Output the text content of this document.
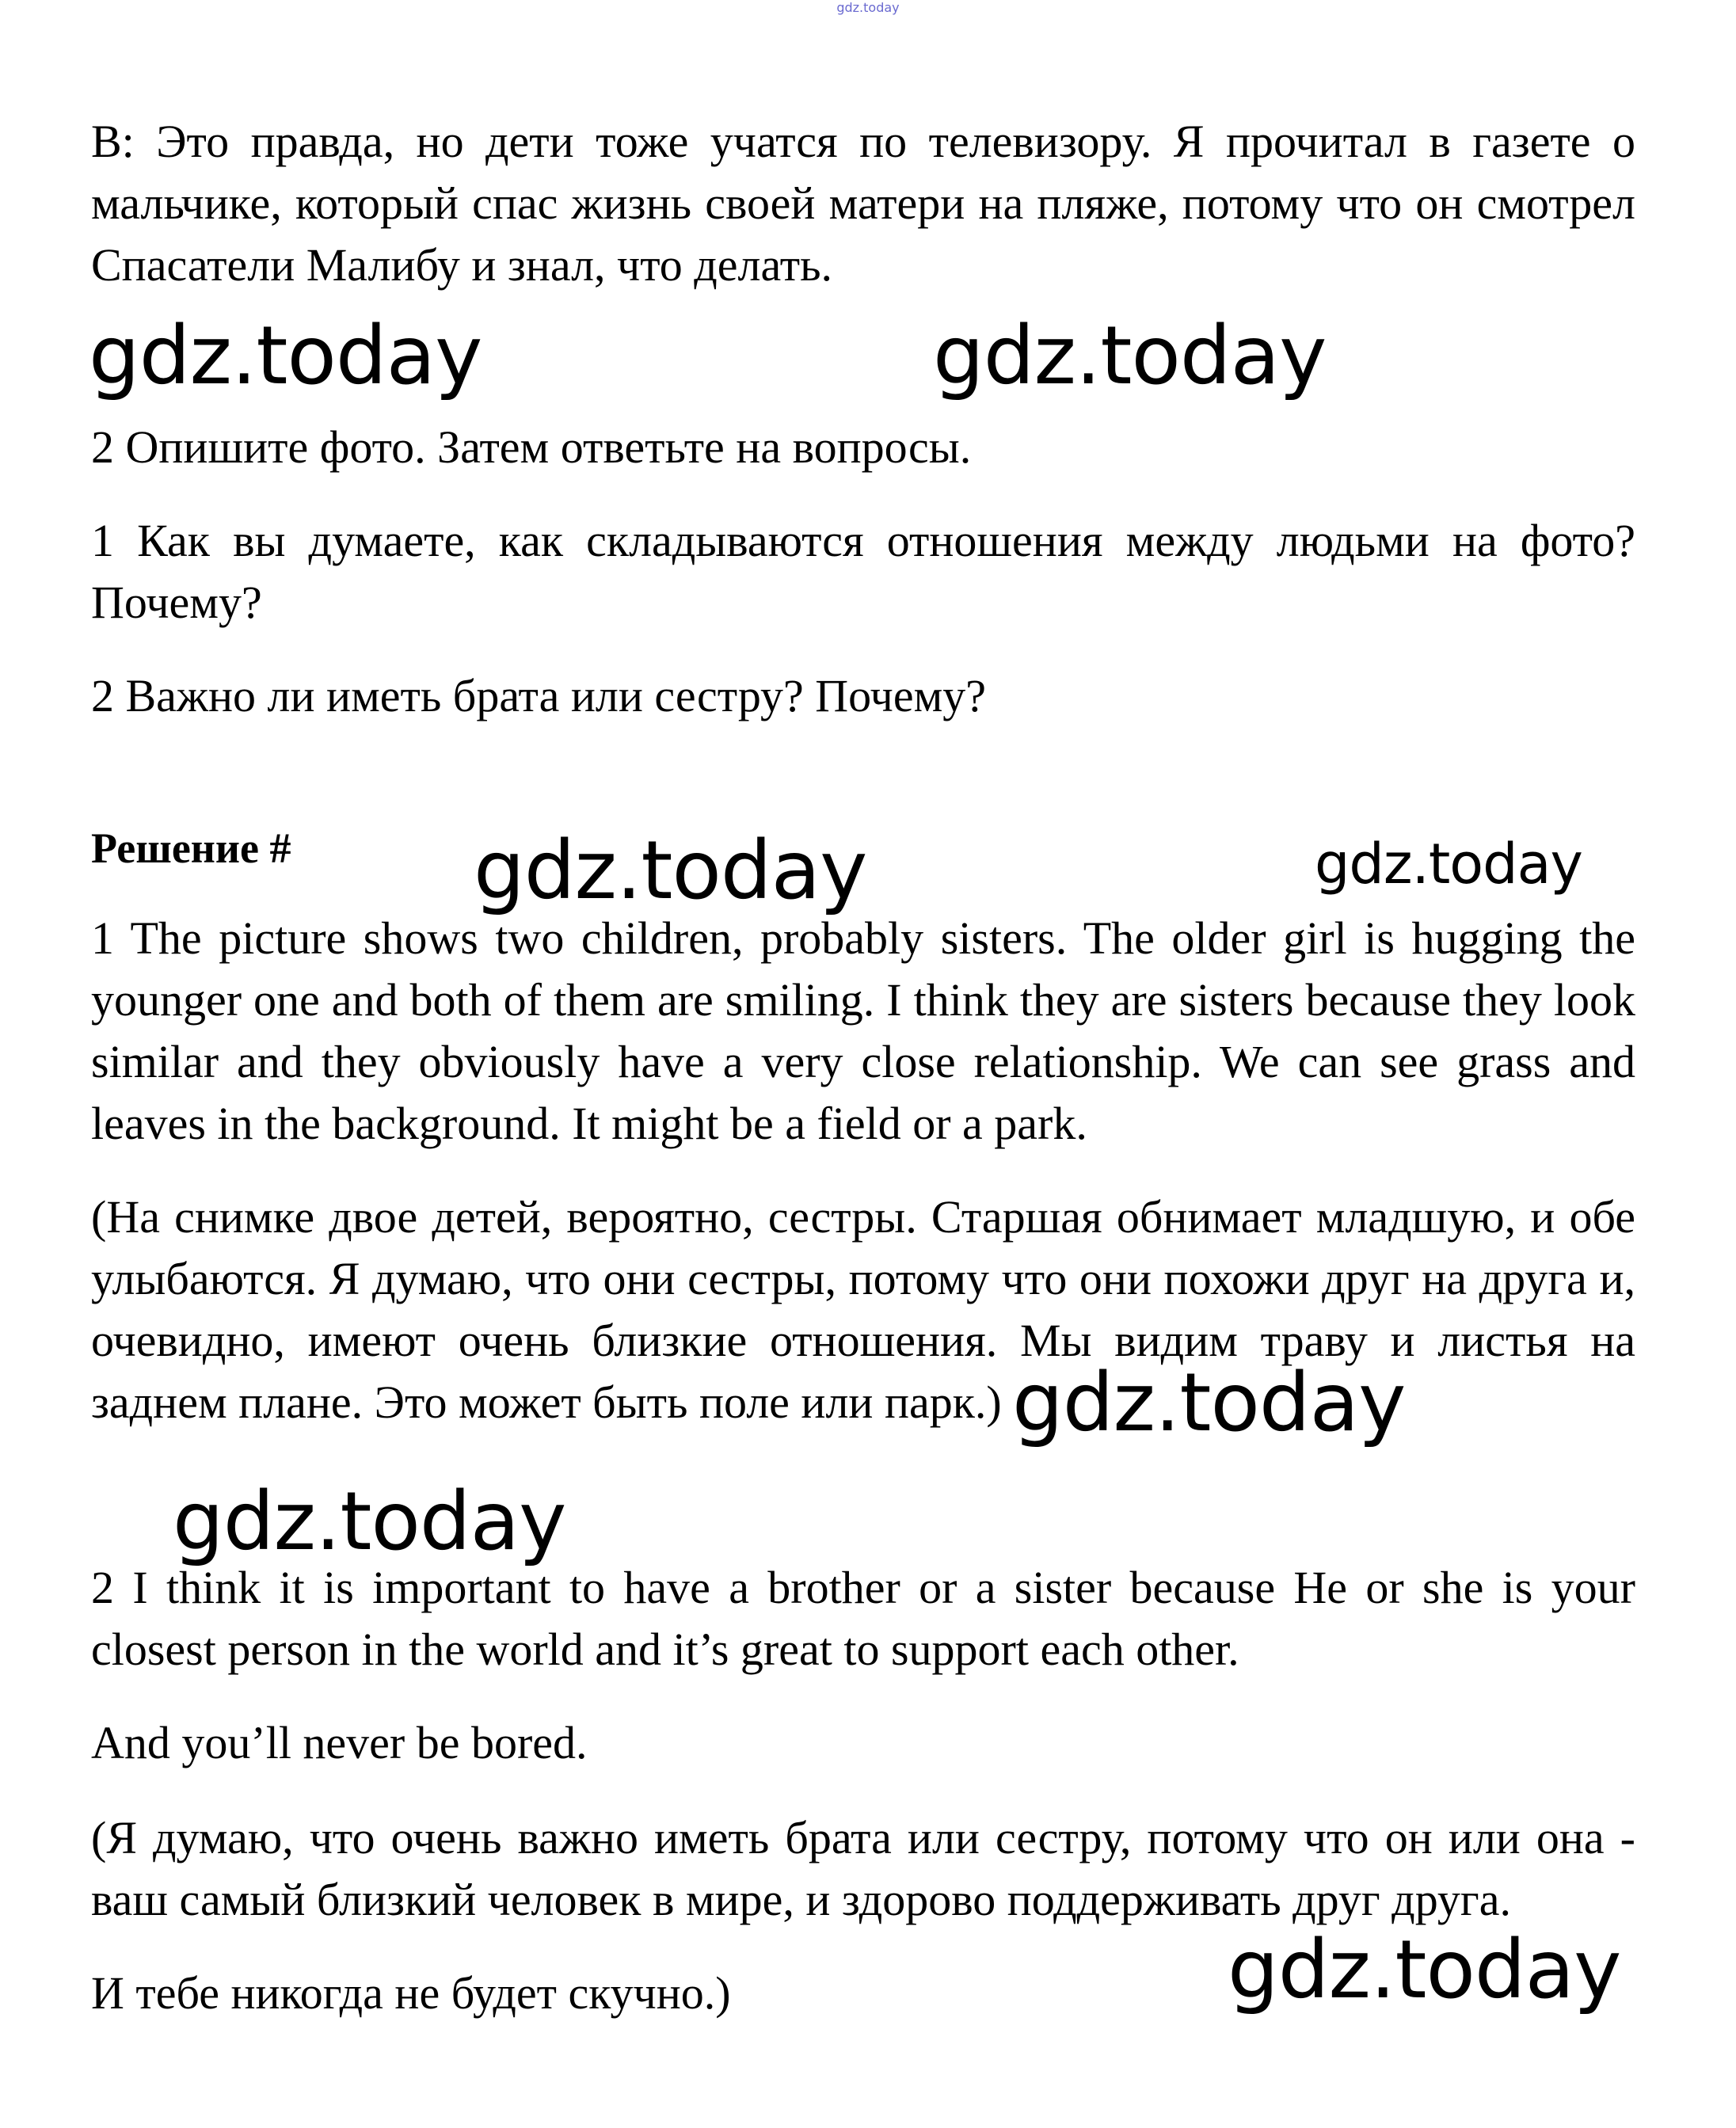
gdz.today

B: Это правда, но дети тоже учатся по телевизору. Я прочитал в газете о мальчике, который спас жизнь своей матери на пляже, потому что он смотрел Спасатели Малибу и знал, что делать.

gdz.today	gdz.today

2 Опишите фото. Затем ответьте на вопросы.

1 Как вы думаете, как складываются отношения между людьми на фото? Почему?

2 Важно ли иметь брата или сестру? Почему?

Решение # gdz.today	gdz.today

1 The picture shows two children, probably sisters. The older girl is hugging the younger one and both of them are smiling. I think they are sisters because they look similar and they obviously have a very close relationship. We can see grass and leaves in the background. It might be a field or a park.

(На снимке двое детей, вероятно, сестры. Старшая обнимает младшую, и обе улыбаются. Я думаю, что они сестры, потому что они похожи друг на друга и, очевидно, имеют очень близкие отношения. Мы видим траву и листья на заднем плане. Это может быть поле или парк.) gdz.today
gdz.today

2 I think it is important to have a brother or a sister because He or she is your closest person in the world and it’s great to support each other.

And you’ll never be bored.

(Я думаю, что очень важно иметь брата или сестру, потому что он или она - ваш самый близкий человек в мире, и здорово поддерживать друг друга.

gdz.today

И тебе никогда не будет скучно.)
